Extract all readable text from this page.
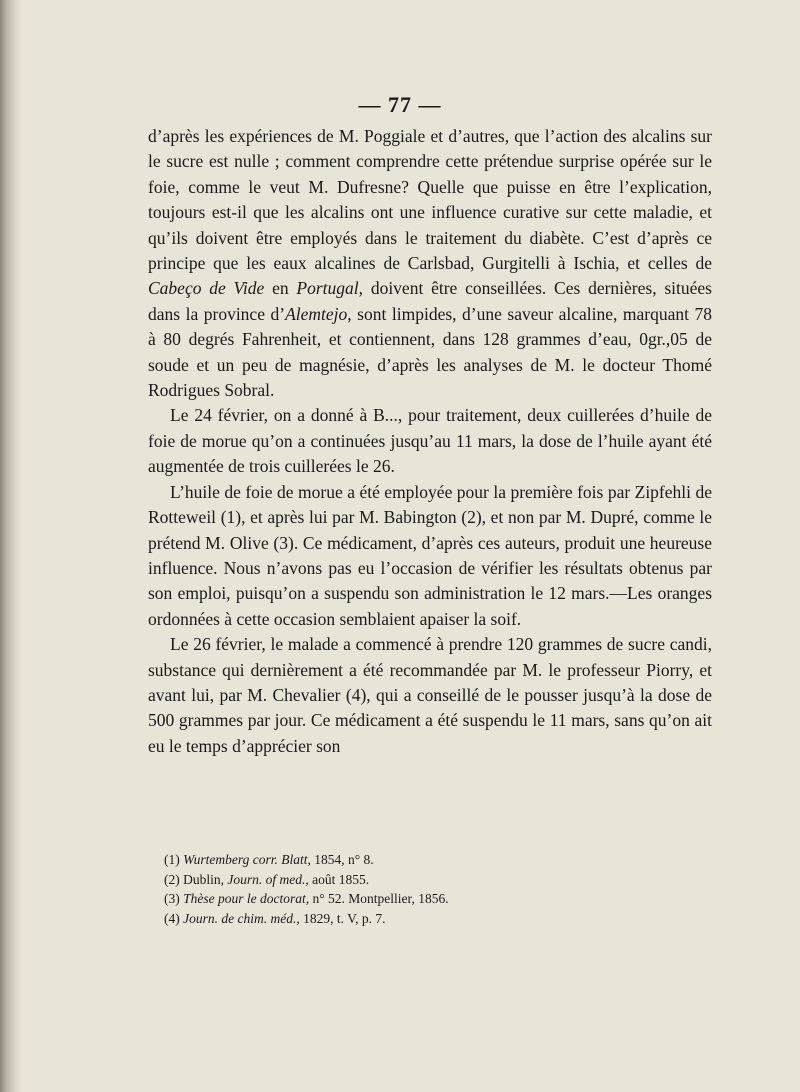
— 77 —

d’après les expériences de M. Poggiale et d’autres, que l’action des alcalins sur le sucre est nulle ; comment comprendre cette prétendue surprise opérée sur le foie, comme le veut M. Dufresne? Quelle que puisse en être l’explication, toujours est-il que les alcalins ont une influence curative sur cette maladie, et qu’ils doivent être employés dans le traitement du diabète. C’est d’après ce principe que les eaux alcalines de Carlsbad, Gurgitelli à Ischia, et celles de Cabeço de Vide en Portugal, doivent être conseillées. Ces dernières, situées dans la province d’Alemtejo, sont limpides, d’une saveur alcaline, marquant 78 à 80 degrés Fahrenheit, et contiennent, dans 128 grammes d’eau, 0gr.,05 de soude et un peu de magnésie, d’après les analyses de M. le docteur Thomé Rodrigues Sobral.

Le 24 février, on a donné à B..., pour traitement, deux cuillerées d’huile de foie de morue qu’on a continuées jusqu’au 11 mars, la dose de l’huile ayant été augmentée de trois cuillerées le 26.

L’huile de foie de morue a été employée pour la première fois par Zipfehli de Rotteweil (1), et après lui par M. Babington (2), et non par M. Dupré, comme le prétend M. Olive (3). Ce médicament, d’après ces auteurs, produit une heureuse influence. Nous n’avons pas eu l’occasion de vérifier les résultats obtenus par son emploi, puisqu’on a suspendu son administration le 12 mars.—Les oranges ordonnées à cette occasion semblaient apaiser la soif.

Le 26 février, le malade a commencé à prendre 120 grammes de sucre candi, substance qui dernièrement a été recommandée par M. le professeur Piorry, et avant lui, par M. Chevalier (4), qui a conseillé de le pousser jusqu’à la dose de 500 grammes par jour. Ce médicament a été suspendu le 11 mars, sans qu’on ait eu le temps d’apprécier son

(1) Wurtemberg corr. Blatt, 1854, n° 8.
(2) Dublin, Journ. of med., août 1855.
(3) Thèse pour le doctorat, n° 52. Montpellier, 1856.
(4) Journ. de chim. méd., 1829, t. V, p. 7.
